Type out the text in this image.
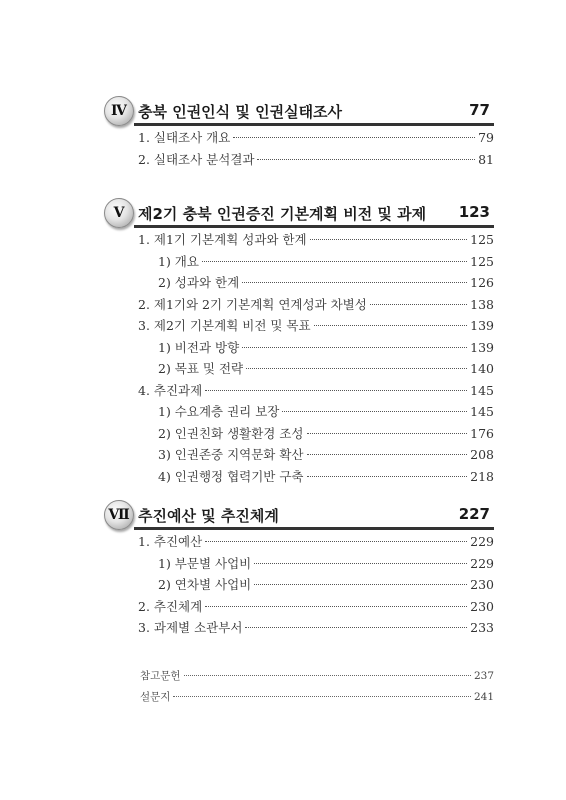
Ⅳ 충북 인권인식 및 인권실태조사	77
1. 실태조사 개요	79
2. 실태조사 분석결과	81
Ⅴ 제2기 충북 인권증진 기본계획 비전 및 과제 123
1. 제1기 기본계획 성과와 한계	125
1) 개요	125
2) 성과와 한계	126
2. 제1기와 2기 기본계획 연계성과 차별성	138
3. 제2기 기본계획 비전 및 목표	139
1) 비전과 방향	139
2) 목표 및 전략	140
4. 추진과제	145
1) 수요계층 권리 보장	145
2) 인권친화 생활환경 조성	176
3) 인권존중 지역문화 확산	208
4) 인권행정 협력기반 구축	218
Ⅶ 추진예산 및 추진체계	227
1. 추진예산	229
1) 부문별 사업비	229
2) 연차별 사업비	230
2. 추진체계	230
3. 과제별 소관부서	233
참고문헌	237
설문지	241
